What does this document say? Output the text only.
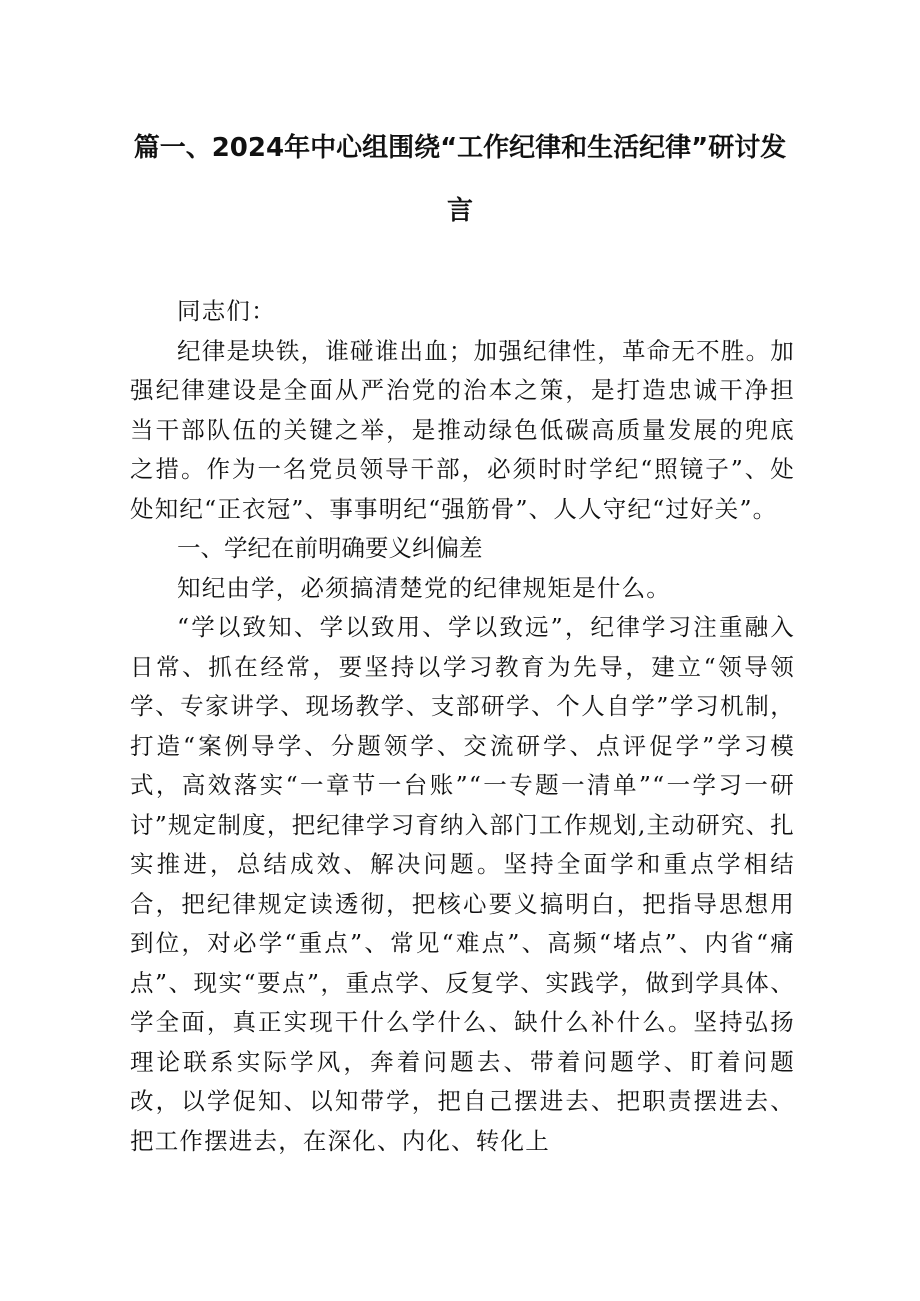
篇一、2024年中心组围绕“工作纪律和生活纪律”研讨发
言

同志们：

纪律是块铁，谁碰谁出血；加强纪律性，革命无不胜。加强纪律建设是全面从严治党的治本之策，是打造忠诚干净担当干部队伍的关键之举，是推动绿色低碳高质量发展的兜底之措。作为一名党员领导干部，必须时时学纪“照镜子”、处处知纪“正衣冠”、事事明纪“强筋骨”、人人守纪“过好关”。

一、学纪在前明确要义纠偏差

知纪由学，必须搞清楚党的纪律规矩是什么。

“学以致知、学以致用、学以致远”，纪律学习注重融入日常、抓在经常，要坚持以学习教育为先导，建立“领导领学、专家讲学、现场教学、支部研学、个人自学”学习机制，打造“案例导学、分题领学、交流研学、点评促学”学习模式，高效落实“一章节一台账”“一专题一清单”“一学习一研讨”规定制度，把纪律学习育纳入部门工作规划,主动研究、扎实推进，总结成效、解决问题。坚持全面学和重点学相结合，把纪律规定读透彻，把核心要义搞明白，把指导思想用到位，对必学“重点”、常见“难点”、高频“堵点”、内省“痛点”、现实“要点”，重点学、反复学、实践学，做到学具体、学全面，真正实现干什么学什么、缺什么补什么。坚持弘扬理论联系实际学风，奔着问题去、带着问题学、盯着问题改，以学促知、以知带学，把自己摆进去、把职责摆进去、把工作摆进去，在深化、内化、转化上
